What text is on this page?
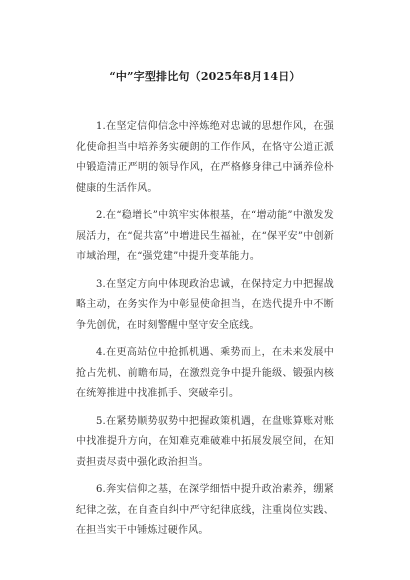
“中”字型排比句（2025年8月14日）

1.在坚定信仰信念中淬炼绝对忠诚的思想作风，在强化使命担当中培养务实硬朗的工作作风，在恪守公道正派中锻造清正严明的领导作风，在严格修身律己中涵养俭朴健康的生活作风。

2.在“稳增长”中筑牢实体根基，在“增动能”中激发发展活力，在“促共富”中增进民生福祉，在“保平安”中创新市域治理，在“强党建”中提升变革能力。

3.在坚定方向中体现政治忠诚，在保持定力中把握战略主动，在务实作为中彰显使命担当，在迭代提升中不断争先创优，在时刻警醒中坚守安全底线。

4.在更高站位中抢抓机遇、乘势而上，在未来发展中抢占先机、前瞻布局，在激烈竞争中提升能级、锻强内核在统筹推进中找准抓手、突破牵引。

5.在紧势顺势驭势中把握政策机遇，在盘账算账对账中找准提升方向，在知难克难破难中拓展发展空间，在知责担责尽责中强化政治担当。

6.奔实信仰之基，在深学细悟中提升政治素养，绷紧纪律之弦，在自查自纠中严守纪律底线，注重岗位实践、在担当实干中锤炼过硬作风。
